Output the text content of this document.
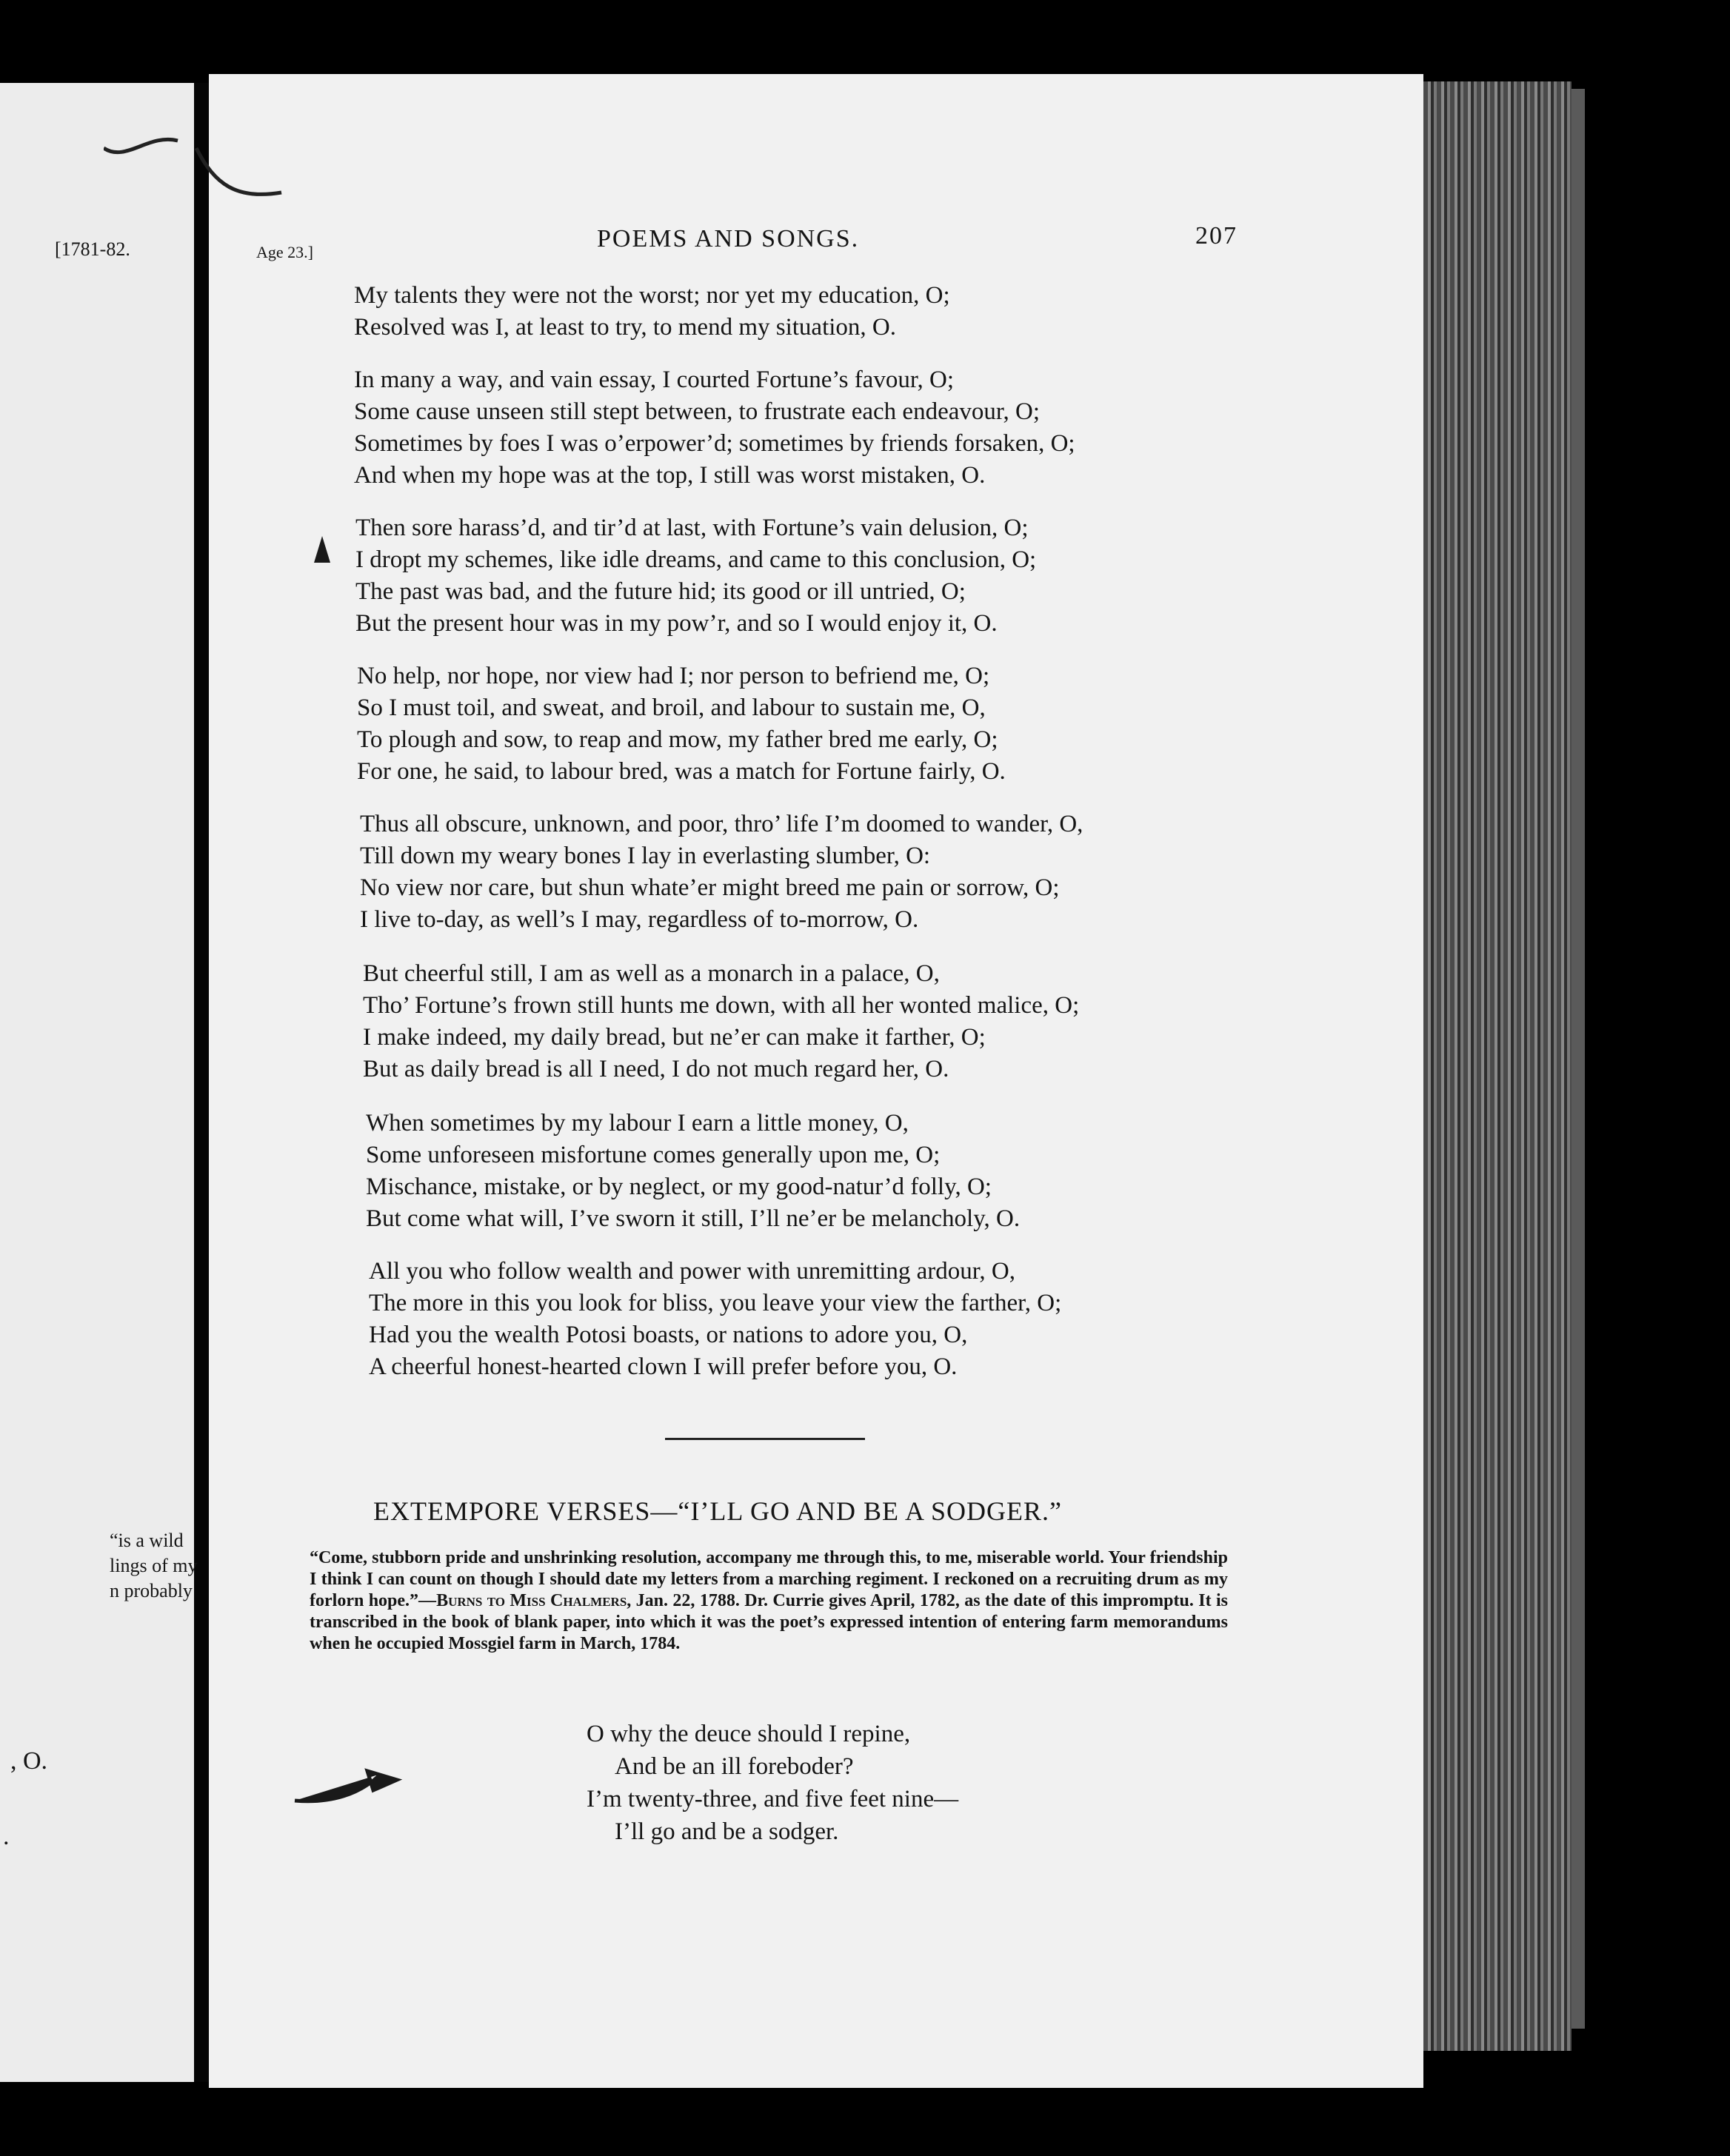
[1781-82.
“is a wild
lings of my
n probably
, O.
.
Age 23.]	POEMS AND SONGS.	207
My talents they were not the worst; nor yet my education, O;
Resolved was I, at least to try, to mend my situation, O.
In many a way, and vain essay, I courted Fortune’s favour, O;
Some cause unseen still stept between, to frustrate each endeavour, O;
Sometimes by foes I was o’erpower’d; sometimes by friends forsaken, O;
And when my hope was at the top, I still was worst mistaken, O.
Then sore harass’d, and tir’d at last, with Fortune’s vain delusion, O;
I dropt my schemes, like idle dreams, and came to this conclusion, O;
The past was bad, and the future hid; its good or ill untried, O;
But the present hour was in my pow’r, and so I would enjoy it, O.
No help, nor hope, nor view had I; nor person to befriend me, O;
So I must toil, and sweat, and broil, and labour to sustain me, O,
To plough and sow, to reap and mow, my father bred me early, O;
For one, he said, to labour bred, was a match for Fortune fairly, O.
Thus all obscure, unknown, and poor, thro’ life I’m doomed to wander, O,
Till down my weary bones I lay in everlasting slumber, O:
No view nor care, but shun whate’er might breed me pain or sorrow, O;
I live to-day, as well’s I may, regardless of to-morrow, O.
But cheerful still, I am as well as a monarch in a palace, O,
Tho’ Fortune’s frown still hunts me down, with all her wonted malice, O;
I make indeed, my daily bread, but ne’er can make it farther, O;
But as daily bread is all I need, I do not much regard her, O.
When sometimes by my labour I earn a little money, O,
Some unforeseen misfortune comes generally upon me, O;
Mischance, mistake, or by neglect, or my good-natur’d folly, O;
But come what will, I’ve sworn it still, I’ll ne’er be melancholy, O.
All you who follow wealth and power with unremitting ardour, O,
The more in this you look for bliss, you leave your view the farther, O;
Had you the wealth Potosi boasts, or nations to adore you, O,
A cheerful honest-hearted clown I will prefer before you, O.
EXTEMPORE VERSES—“I’LL GO AND BE A SODGER.”
“Come, stubborn pride and unshrinking resolution, accompany me through this, to me, miserable world. Your friendship I think I can count on though I should date my letters from a marching regiment. I reckoned on a recruiting drum as my forlorn hope.”—Burns to Miss Chalmers, Jan. 22, 1788. Dr. Currie gives April, 1782, as the date of this impromptu. It is transcribed in the book of blank paper, into which it was the poet’s expressed intention of entering farm memorandums when he occupied Mossgiel farm in March, 1784.
O why the deuce should I repine,
And be an ill foreboder?
I’m twenty-three, and five feet nine—
I’ll go and be a sodger.
